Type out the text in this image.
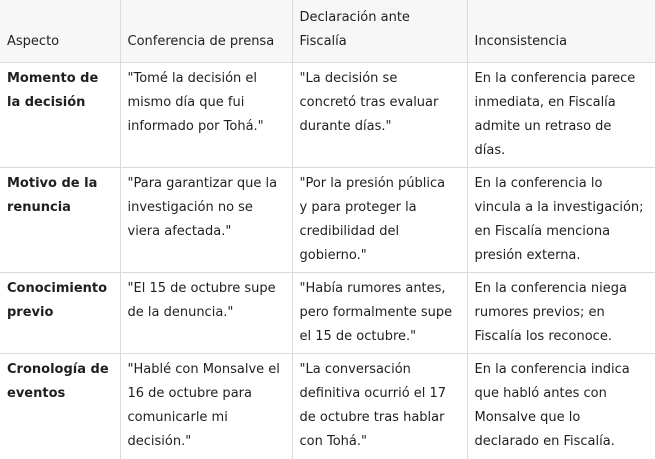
Aspecto	Conferencia de prensa	Declaración ante Fiscalía	Inconsistencia
Momento de la decisión	"Tomé la decisión el mismo día que fui informado por Tohá."	"La decisión se concretó tras evaluar durante días."	En la conferencia parece inmediata, en Fiscalía admite un retraso de días.
Motivo de la renuncia	"Para garantizar que la investigación no se viera afectada."	"Por la presión pública y para proteger la credibilidad del gobierno."	En la conferencia lo vincula a la investigación; en Fiscalía menciona presión externa.
Conocimiento previo	"El 15 de octubre supe de la denuncia."	"Había rumores antes, pero formalmente supe el 15 de octubre."	En la conferencia niega rumores previos; en Fiscalía los reconoce.
Cronología de eventos	"Hablé con Monsalve el 16 de octubre para comunicarle mi decisión."	"La conversación definitiva ocurrió el 17 de octubre tras hablar con Tohá."	En la conferencia indica que habló antes con Monsalve que lo declarado en Fiscalía.
